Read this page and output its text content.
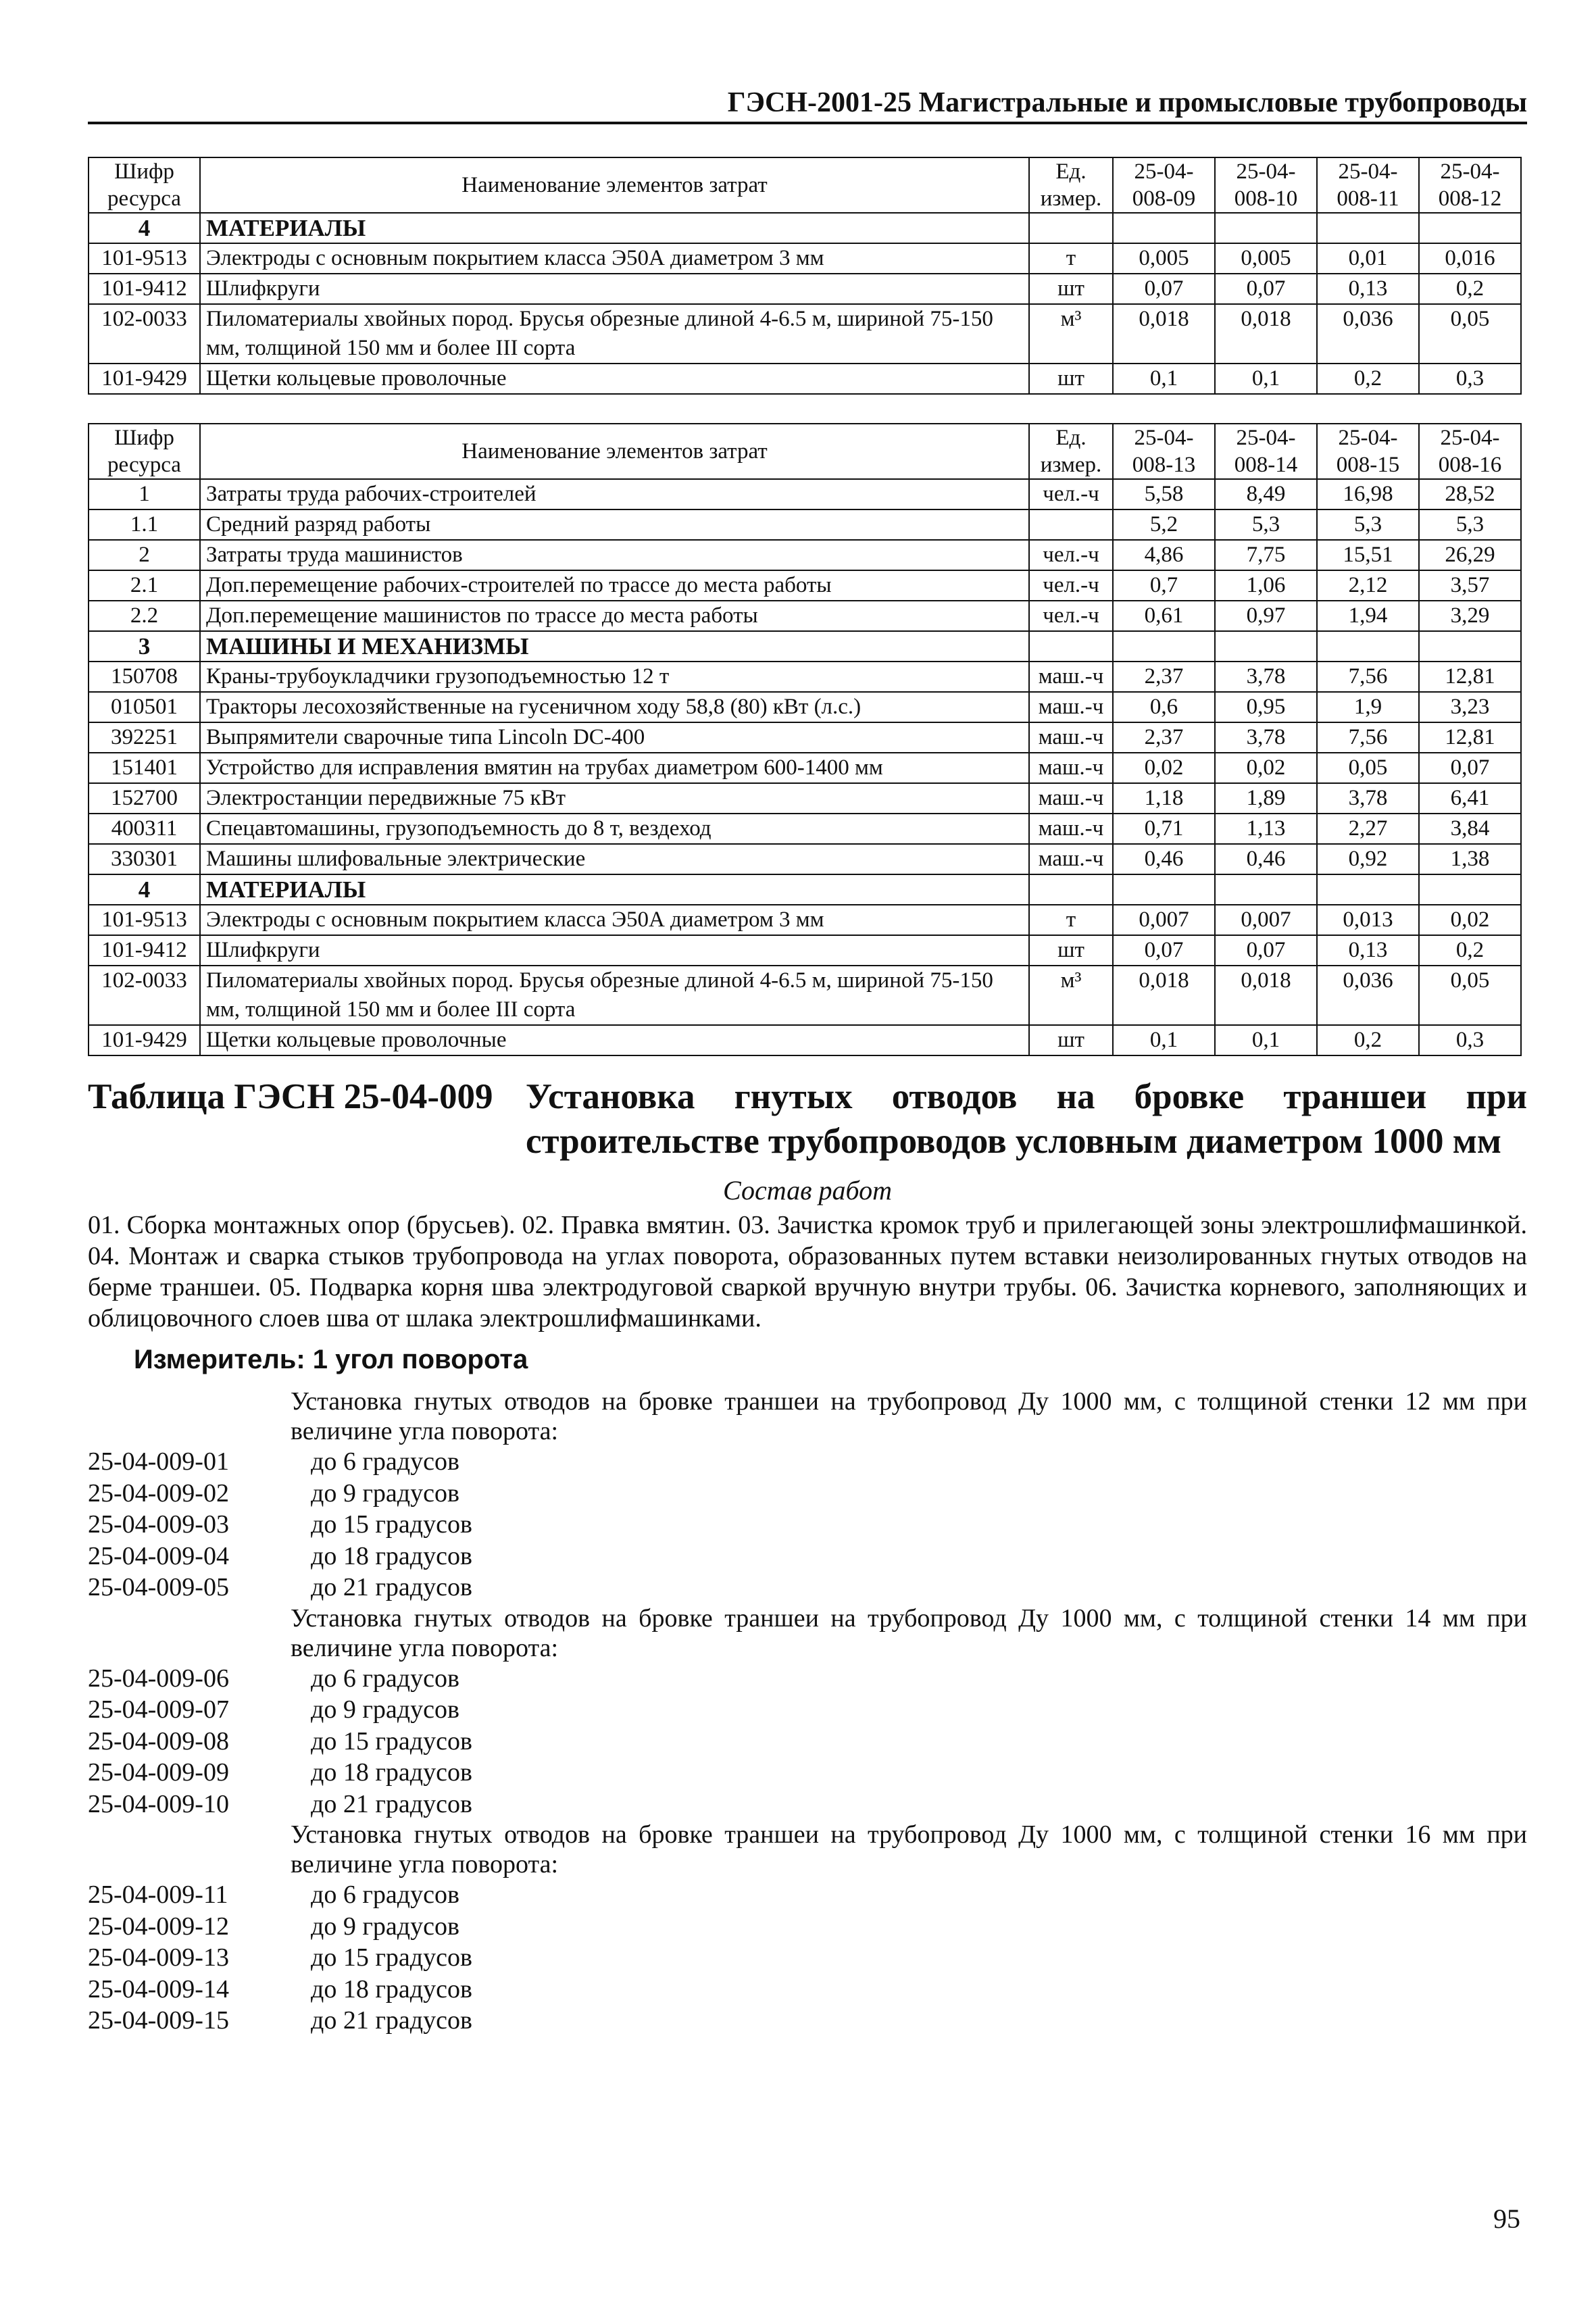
ГЭСН-2001-25 Магистральные и промысловые трубопроводы
Шифр ресурса	Наименование элементов затрат	Ед. измер.	25-04-008-09	25-04-008-10	25-04-008-11	25-04-008-12
4	МАТЕРИАЛЫ					
101-9513	Электроды с основным покрытием класса Э50А диаметром 3 мм	т	0,005	0,005	0,01	0,016
101-9412	Шлифкруги	шт	0,07	0,07	0,13	0,2
102-0033	Пиломатериалы хвойных пород. Брусья обрезные длиной 4-6.5 м, шириной 75-150 мм, толщиной 150 мм и более III сорта	м³	0,018	0,018	0,036	0,05
101-9429	Щетки кольцевые проволочные	шт	0,1	0,1	0,2	0,3
Шифр ресурса	Наименование элементов затрат	Ед. измер.	25-04-008-13	25-04-008-14	25-04-008-15	25-04-008-16
1	Затраты труда рабочих-строителей	чел.-ч	5,58	8,49	16,98	28,52
1.1	Средний разряд работы		5,2	5,3	5,3	5,3
2	Затраты труда машинистов	чел.-ч	4,86	7,75	15,51	26,29
2.1	Доп.перемещение рабочих-строителей по трассе до места работы	чел.-ч	0,7	1,06	2,12	3,57
2.2	Доп.перемещение машинистов по трассе до места работы	чел.-ч	0,61	0,97	1,94	3,29
3	МАШИНЫ И МЕХАНИЗМЫ					
150708	Краны-трубоукладчики грузоподъемностью 12 т	маш.-ч	2,37	3,78	7,56	12,81
010501	Тракторы лесохозяйственные на гусеничном ходу 58,8 (80) кВт (л.с.)	маш.-ч	0,6	0,95	1,9	3,23
392251	Выпрямители сварочные типа Lincoln DC-400	маш.-ч	2,37	3,78	7,56	12,81
151401	Устройство для исправления вмятин на трубах диаметром 600-1400 мм	маш.-ч	0,02	0,02	0,05	0,07
152700	Электростанции передвижные 75 кВт	маш.-ч	1,18	1,89	3,78	6,41
400311	Спецавтомашины, грузоподъемность до 8 т, вездеход	маш.-ч	0,71	1,13	2,27	3,84
330301	Машины шлифовальные электрические	маш.-ч	0,46	0,46	0,92	1,38
4	МАТЕРИАЛЫ					
101-9513	Электроды с основным покрытием класса Э50А диаметром 3 мм	т	0,007	0,007	0,013	0,02
101-9412	Шлифкруги	шт	0,07	0,07	0,13	0,2
102-0033	Пиломатериалы хвойных пород. Брусья обрезные длиной 4-6.5 м, шириной 75-150 мм, толщиной 150 мм и более III сорта	м³	0,018	0,018	0,036	0,05
101-9429	Щетки кольцевые проволочные	шт	0,1	0,1	0,2	0,3
Таблица ГЭСН 25-04-009 Установка гнутых отводов на бровке траншеи при строительстве трубопроводов условным диаметром 1000 мм
Состав работ
01. Сборка монтажных опор (брусьев). 02. Правка вмятин. 03. Зачистка кромок труб и прилегающей зоны электрошлифмашинкой. 04. Монтаж и сварка стыков трубопровода на углах поворота, образованных путем вставки неизолированных гнутых отводов на берме траншеи. 05. Подварка корня шва электродуговой сваркой вручную внутри трубы. 06. Зачистка корневого, заполняющих и облицовочного слоев шва от шлака электрошлифмашинками.
Измеритель: 1 угол поворота
Установка гнутых отводов на бровке траншеи на трубопровод Ду 1000 мм, с толщиной стенки 12 мм при величине угла поворота:
25-04-009-01	до 6 градусов
25-04-009-02	до 9 градусов
25-04-009-03	до 15 градусов
25-04-009-04	до 18 градусов
25-04-009-05	до 21 градусов
Установка гнутых отводов на бровке траншеи на трубопровод Ду 1000 мм, с толщиной стенки 14 мм при величине угла поворота:
25-04-009-06	до 6 градусов
25-04-009-07	до 9 градусов
25-04-009-08	до 15 градусов
25-04-009-09	до 18 градусов
25-04-009-10	до 21 градусов
Установка гнутых отводов на бровке траншеи на трубопровод Ду 1000 мм, с толщиной стенки 16 мм при величине угла поворота:
25-04-009-11	до 6 градусов
25-04-009-12	до 9 градусов
25-04-009-13	до 15 градусов
25-04-009-14	до 18 градусов
25-04-009-15	до 21 градусов
95
